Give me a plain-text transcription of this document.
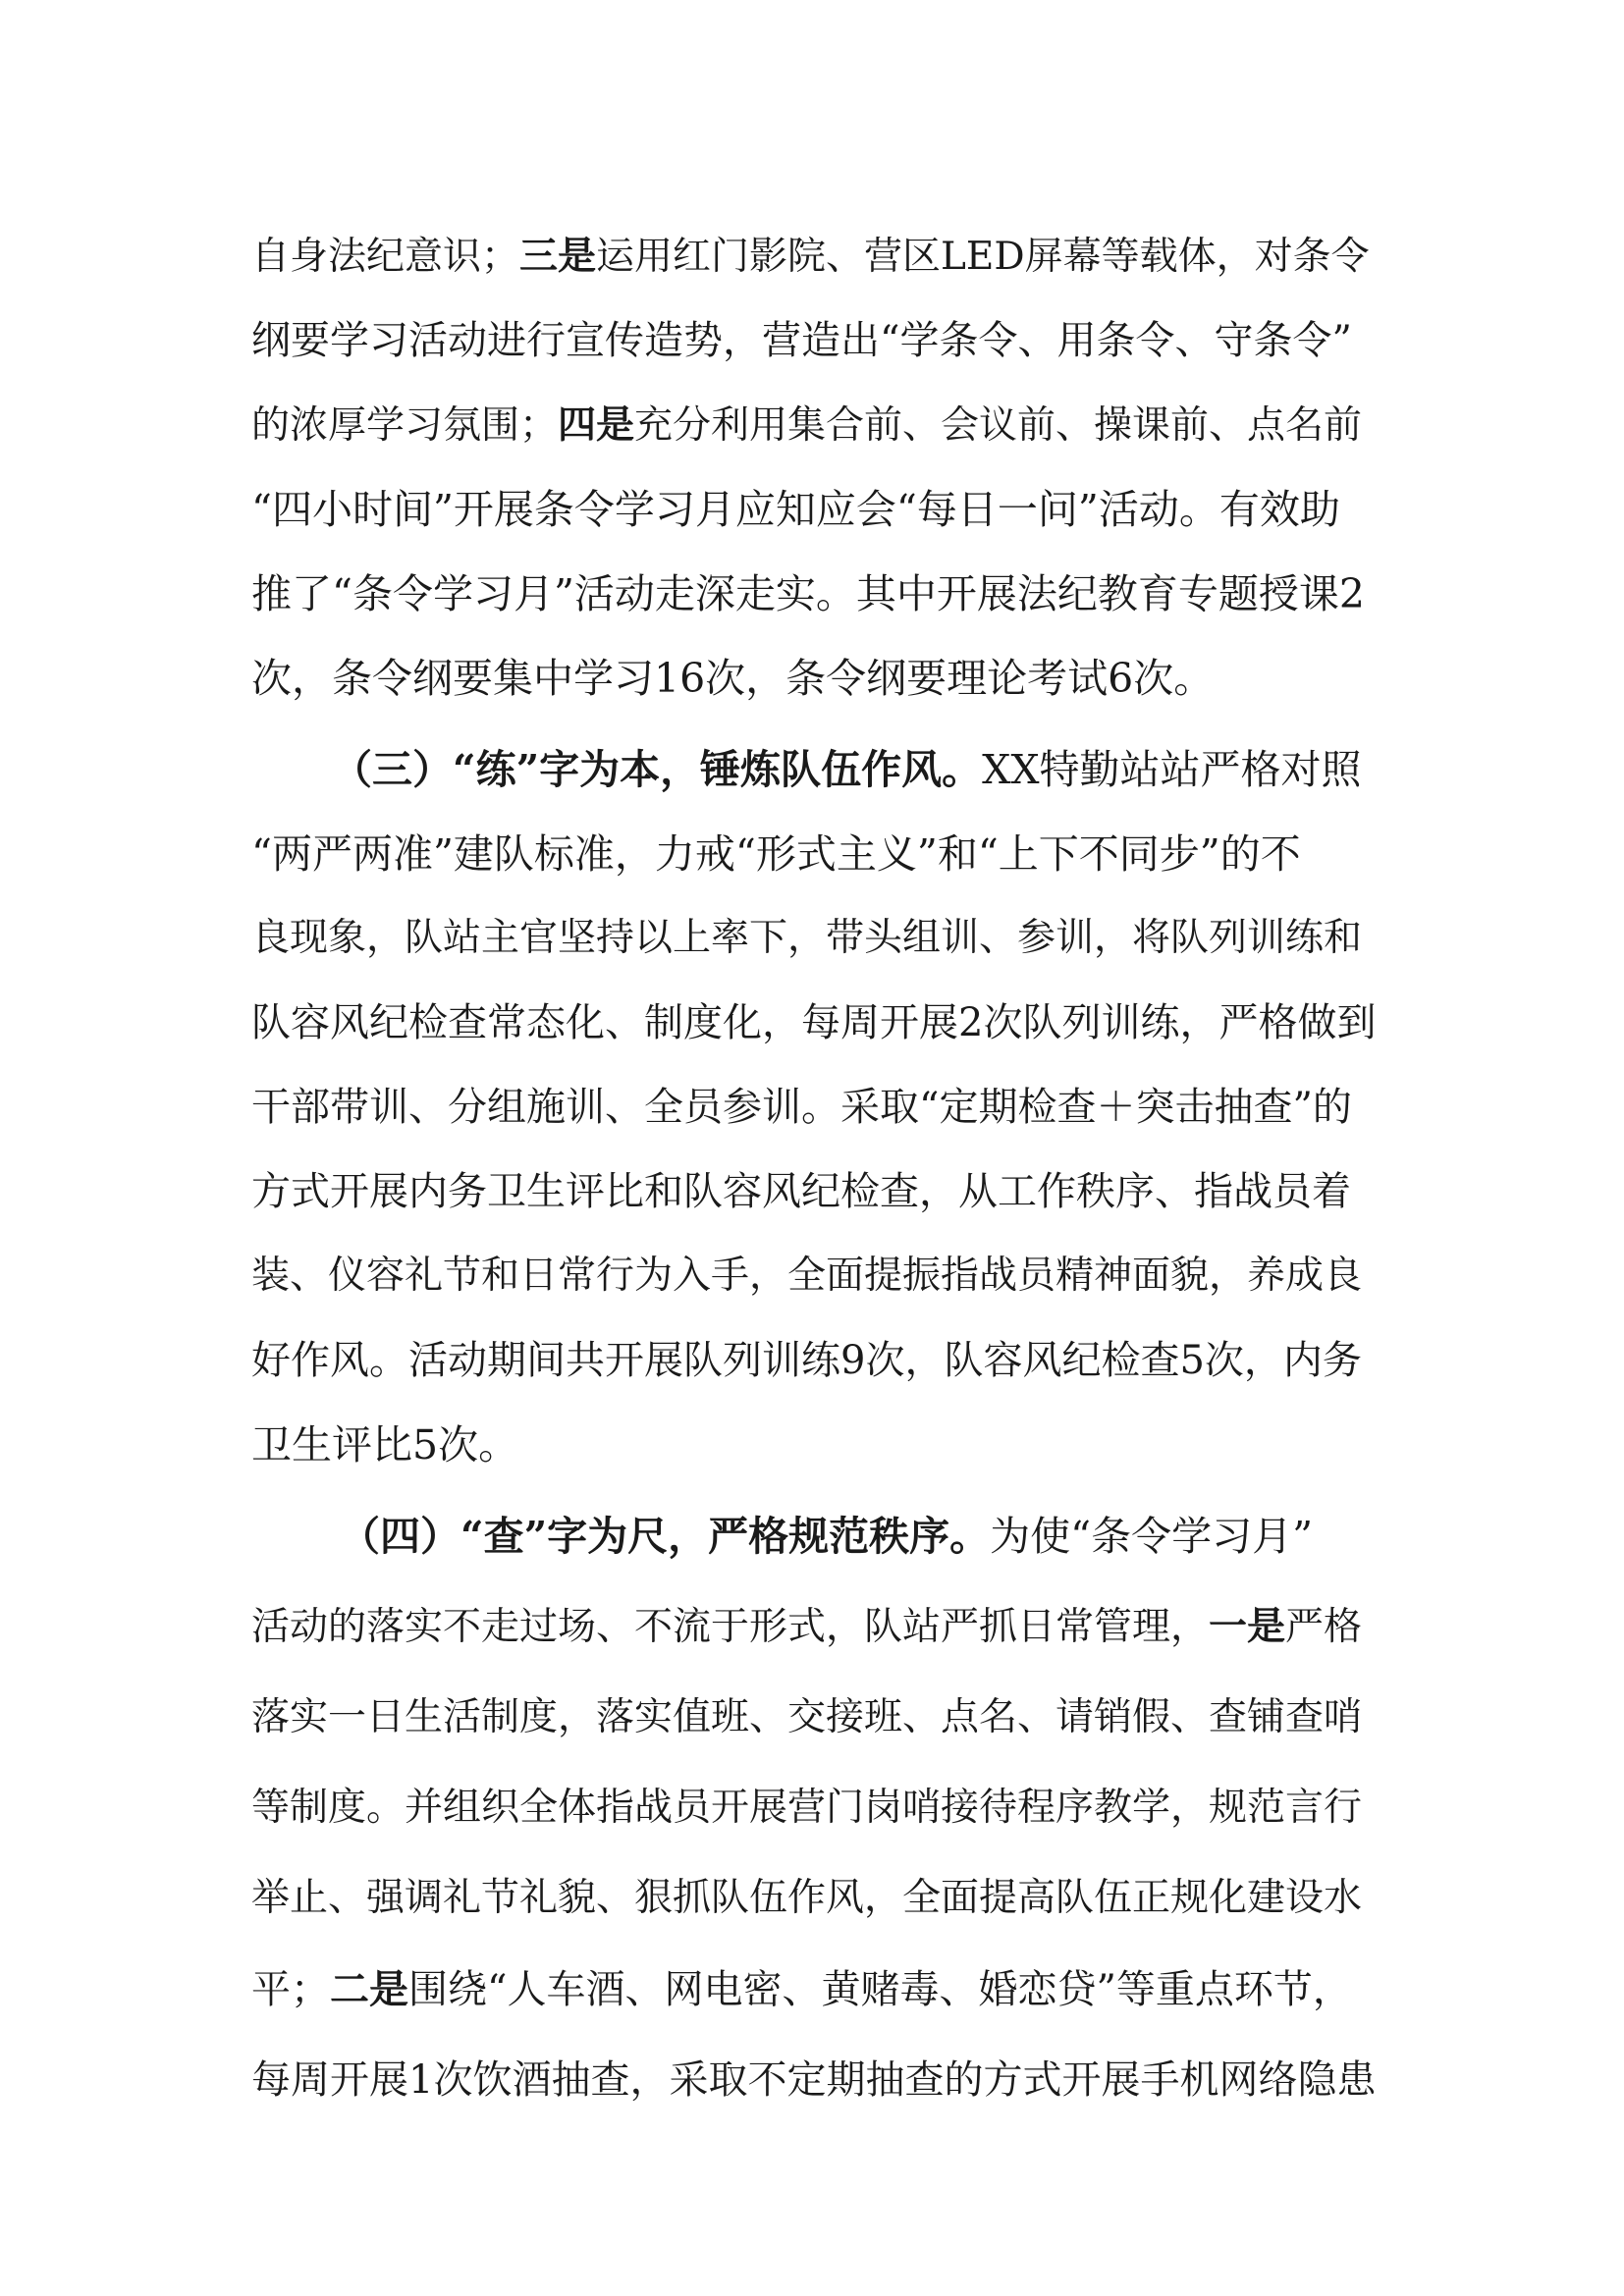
自身法纪意识；三是运用红门影院、营区LED屏幕等载体，对条令
纲要学习活动进行宣传造势，营造出“学条令、用条令、守条令”
的浓厚学习氛围；四是充分利用集合前、会议前、操课前、点名前
“四小时间”开展条令学习月应知应会“每日一问”活动。有效助
推了“条令学习月”活动走深走实。其中开展法纪教育专题授课2
次，条令纲要集中学习16次，条令纲要理论考试6次。
（三）“练”字为本，锤炼队伍作风。XX特勤站站严格对照
“两严两准”建队标准，力戒“形式主义”和“上下不同步”的不
良现象，队站主官坚持以上率下，带头组训、参训，将队列训练和
队容风纪检查常态化、制度化，每周开展2次队列训练，严格做到
干部带训、分组施训、全员参训。采取“定期检查＋突击抽查”的
方式开展内务卫生评比和队容风纪检查，从工作秩序、指战员着
装、仪容礼节和日常行为入手，全面提振指战员精神面貌，养成良
好作风。活动期间共开展队列训练9次，队容风纪检查5次，内务
卫生评比5次。
（四）“查”字为尺，严格规范秩序。为使“条令学习月”
活动的落实不走过场、不流于形式，队站严抓日常管理，一是严格
落实一日生活制度，落实值班、交接班、点名、请销假、查铺查哨
等制度。并组织全体指战员开展营门岗哨接待程序教学，规范言行
举止、强调礼节礼貌、狠抓队伍作风，全面提高队伍正规化建设水
平；二是围绕“人车酒、网电密、黄赌毒、婚恋贷”等重点环节，
每周开展1次饮酒抽查，采取不定期抽查的方式开展手机网络隐患
